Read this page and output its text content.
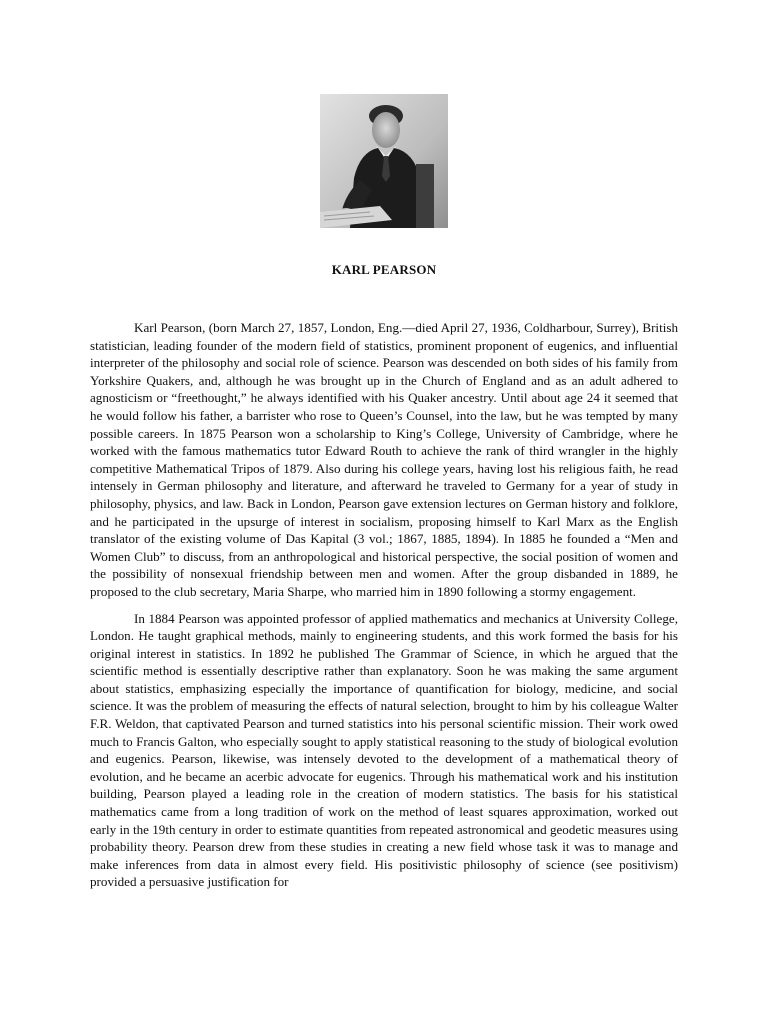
KARL PEARSON

Karl Pearson, (born March 27, 1857, London, Eng.—died April 27, 1936, Coldharbour, Surrey), British statistician, leading founder of the modern field of statistics, prominent proponent of eugenics, and influential interpreter of the philosophy and social role of science. Pearson was descended on both sides of his family from Yorkshire Quakers, and, although he was brought up in the Church of England and as an adult adhered to agnosticism or “freethought,” he always identified with his Quaker ancestry. Until about age 24 it seemed that he would follow his father, a barrister who rose to Queen’s Counsel, into the law, but he was tempted by many possible careers. In 1875 Pearson won a scholarship to King’s College, University of Cambridge, where he worked with the famous mathematics tutor Edward Routh to achieve the rank of third wrangler in the highly competitive Mathematical Tripos of 1879. Also during his college years, having lost his religious faith, he read intensely in German philosophy and literature, and afterward he traveled to Germany for a year of study in philosophy, physics, and law. Back in London, Pearson gave extension lectures on German history and folklore, and he participated in the upsurge of interest in socialism, proposing himself to Karl Marx as the English translator of the existing volume of Das Kapital (3 vol.; 1867, 1885, 1894). In 1885 he founded a “Men and Women Club” to discuss, from an anthropological and historical perspective, the social position of women and the possibility of nonsexual friendship between men and women. After the group disbanded in 1889, he proposed to the club secretary, Maria Sharpe, who married him in 1890 following a stormy engagement.

In 1884 Pearson was appointed professor of applied mathematics and mechanics at University College, London. He taught graphical methods, mainly to engineering students, and this work formed the basis for his original interest in statistics. In 1892 he published The Grammar of Science, in which he argued that the scientific method is essentially descriptive rather than explanatory. Soon he was making the same argument about statistics, emphasizing especially the importance of quantification for biology, medicine, and social science. It was the problem of measuring the effects of natural selection, brought to him by his colleague Walter F.R. Weldon, that captivated Pearson and turned statistics into his personal scientific mission. Their work owed much to Francis Galton, who especially sought to apply statistical reasoning to the study of biological evolution and eugenics. Pearson, likewise, was intensely devoted to the development of a mathematical theory of evolution, and he became an acerbic advocate for eugenics. Through his mathematical work and his institution building, Pearson played a leading role in the creation of modern statistics. The basis for his statistical mathematics came from a long tradition of work on the method of least squares approximation, worked out early in the 19th century in order to estimate quantities from repeated astronomical and geodetic measures using probability theory. Pearson drew from these studies in creating a new field whose task it was to manage and make inferences from data in almost every field. His positivistic philosophy of science (see positivism) provided a persuasive justification for
